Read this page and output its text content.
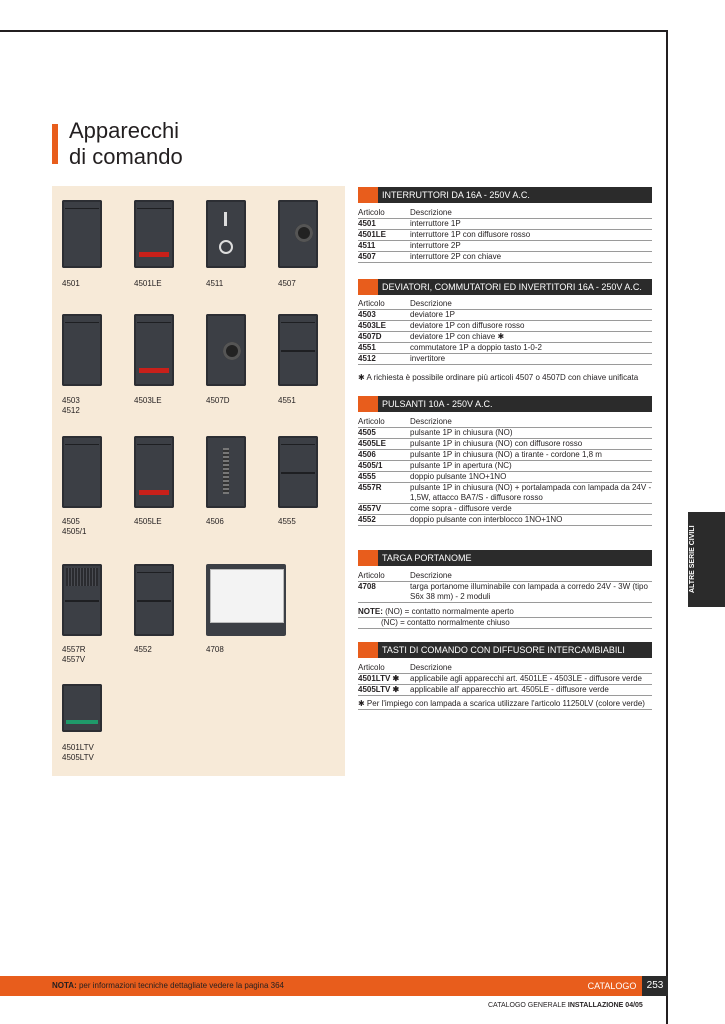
Apparecchi
di comando
4501	4501LE	4511	4507
4503
4512
4503LE	4507D	4551
4505
4505/1
4505LE	4506	4555
4557R
4557V
4552	4708
4501LTV
4505LTV
INTERRUTTORI DA 16A - 250V A.C.
Articolo	Descrizione
4501	interruttore 1P
4501LE	interruttore 1P con diffusore rosso
4511	interruttore 2P
4507	interruttore 2P con chiave
DEVIATORI, COMMUTATORI ED INVERTITORI 16A - 250V A.C.
Articolo	Descrizione
4503	deviatore 1P
4503LE	deviatore 1P con diffusore rosso
4507D	deviatore 1P con chiave ✱
4551	commutatore 1P a doppio tasto 1-0-2
4512	invertitore
✱ A richiesta è possibile ordinare più articoli 4507 o 4507D con chiave unificata
PULSANTI 10A - 250V A.C.
Articolo	Descrizione
4505	pulsante 1P in chiusura (NO)
4505LE	pulsante 1P in chiusura (NO) con diffusore rosso
4506	pulsante 1P in chiusura (NO) a tirante - cordone 1,8 m
4505/1	pulsante 1P in apertura (NC)
4555	doppio pulsante 1NO+1NO
4557R	pulsante 1P in chiusura (NO) + portalampada con lampada da 24V - 1,5W, attacco BA7/S - diffusore rosso
4557V	come sopra - diffusore verde
4552	doppio pulsante con interblocco 1NO+1NO
TARGA PORTANOME
Articolo	Descrizione
4708	targa portanome illuminabile con lampada a corredo 24V - 3W (tipo S6x 38 mm) - 2 moduli
NOTE: (NO) = contatto normalmente aperto
(NC) = contatto normalmente chiuso
TASTI DI COMANDO CON DIFFUSORE INTERCAMBIABILI
Articolo	Descrizione
4501LTV ✱	applicabile agli apparecchi art. 4501LE - 4503LE - diffusore verde
4505LTV ✱	applicabile all' apparecchio art. 4505LE - diffusore verde
✱ Per l'impiego con lampada a scarica utilizzare l'articolo 11250LV (colore verde)
ALTRE SERIE CIVILI
NOTA: per informazioni tecniche dettagliate vedere la pagina 364	CATALOGO	253
CATALOGO GENERALE INSTALLAZIONE 04/05
